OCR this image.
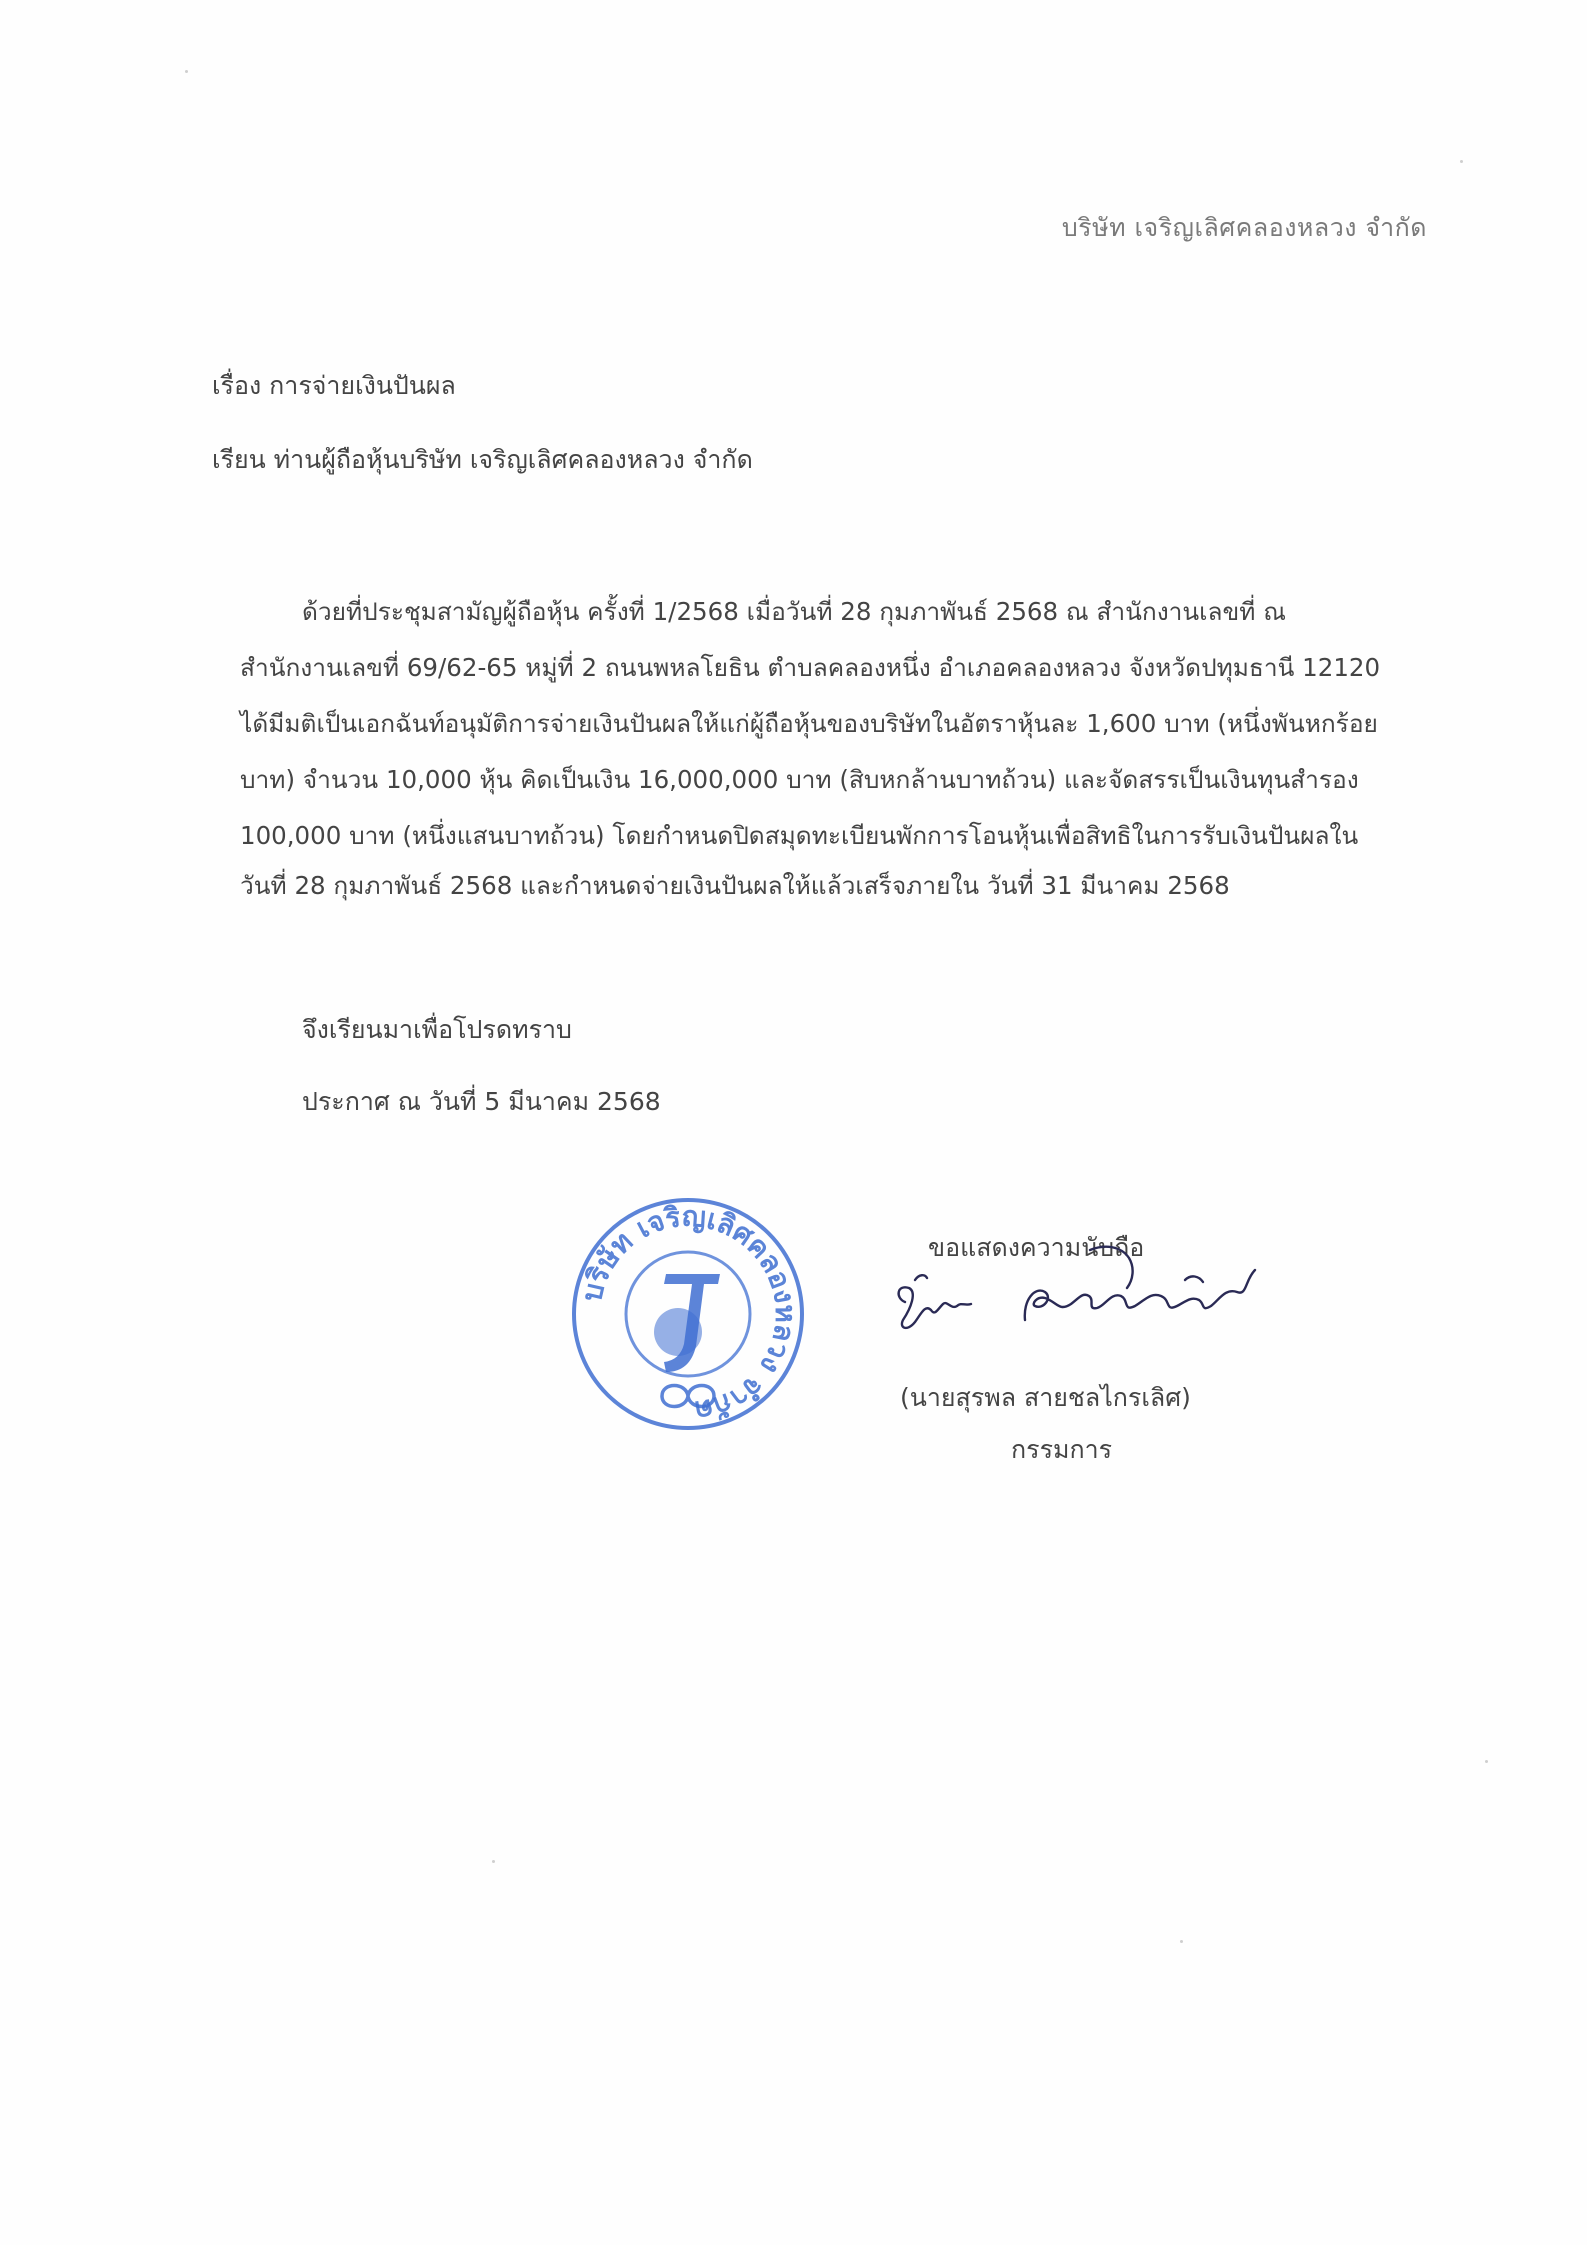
บริษัท เจริญเลิศคลองหลวง จำกัด
เรื่อง การจ่ายเงินปันผล
เรียน ท่านผู้ถือหุ้นบริษัท เจริญเลิศคลองหลวง จำกัด
ด้วยที่ประชุมสามัญผู้ถือหุ้น ครั้งที่ 1/2568 เมื่อวันที่ 28 กุมภาพันธ์ 2568 ณ สำนักงานเลขที่ ณ
สำนักงานเลขที่ 69/62-65 หมู่ที่ 2 ถนนพหลโยธิน ตำบลคลองหนึ่ง อำเภอคลองหลวง จังหวัดปทุมธานี 12120
ได้มีมติเป็นเอกฉันท์อนุมัติการจ่ายเงินปันผลให้แก่ผู้ถือหุ้นของบริษัทในอัตราหุ้นละ 1,600 บาท (หนึ่งพันหกร้อย
บาท) จำนวน 10,000 หุ้น คิดเป็นเงิน 16,000,000 บาท (สิบหกล้านบาทถ้วน) และจัดสรรเป็นเงินทุนสำรอง
100,000 บาท (หนึ่งแสนบาทถ้วน) โดยกำหนดปิดสมุดทะเบียนพักการโอนหุ้นเพื่อสิทธิในการรับเงินปันผลใน
วันที่ 28 กุมภาพันธ์ 2568 และกำหนดจ่ายเงินปันผลให้แล้วเสร็จภายใน วันที่ 31 มีนาคม 2568
จึงเรียนมาเพื่อโปรดทราบ
ประกาศ ณ วันที่ 5 มีนาคม 2568
บริษัท เจริญเลิศคลองหลวง จำกัด
ขอแสดงความนับถือ
(นายสุรพล สายชลไกรเลิศ)
กรรมการ
